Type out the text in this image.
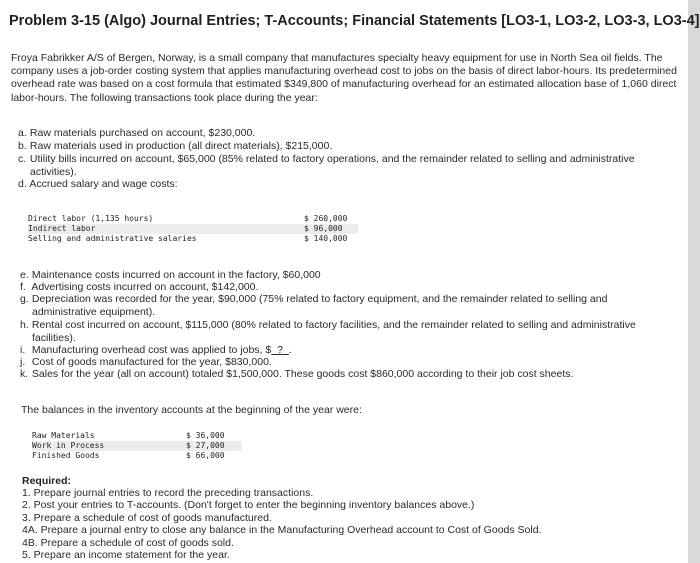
Problem 3-15 (Algo) Journal Entries; T-Accounts; Financial Statements [LO3-1, LO3-2, LO3-3, LO3-4]
Froya Fabrikker A/S of Bergen, Norway, is a small company that manufactures specialty heavy equipment for use in North Sea oil fields. The company uses a job-order costing system that applies manufacturing overhead cost to jobs on the basis of direct labor-hours. Its predetermined overhead rate was based on a cost formula that estimated $349,800 of manufacturing overhead for an estimated allocation base of 1,060 direct labor-hours. The following transactions took place during the year:
a. Raw materials purchased on account, $230,000.
b. Raw materials used in production (all direct materials), $215,000.
c. Utility bills incurred on account, $65,000 (85% related to factory operations, and the remainder related to selling and administrative
activities).
d. Accrued salary and wage costs:
Direct labor (1,135 hours)	$ 260,000
Indirect labor	$ 96,000
Selling and administrative salaries	$ 140,000
e. Maintenance costs incurred on account in the factory, $60,000
f. Advertising costs incurred on account, $142,000.
g. Depreciation was recorded for the year, $90,000 (75% related to factory equipment, and the remainder related to selling and
administrative equipment).
h. Rental cost incurred on account, $115,000 (80% related to factory facilities, and the remainder related to selling and administrative
facilities).
i. Manufacturing overhead cost was applied to jobs, $  ?  .
j. Cost of goods manufactured for the year, $830,000.
k. Sales for the year (all on account) totaled $1,500,000. These goods cost $860,000 according to their job cost sheets.
The balances in the inventory accounts at the beginning of the year were:
Raw Materials	$ 36,000
Work in Process	$ 27,000
Finished Goods	$ 66,000
Required:
1. Prepare journal entries to record the preceding transactions.
2. Post your entries to T-accounts. (Don't forget to enter the beginning inventory balances above.)
3. Prepare a schedule of cost of goods manufactured.
4A. Prepare a journal entry to close any balance in the Manufacturing Overhead account to Cost of Goods Sold.
4B. Prepare a schedule of cost of goods sold.
5. Prepare an income statement for the year.
